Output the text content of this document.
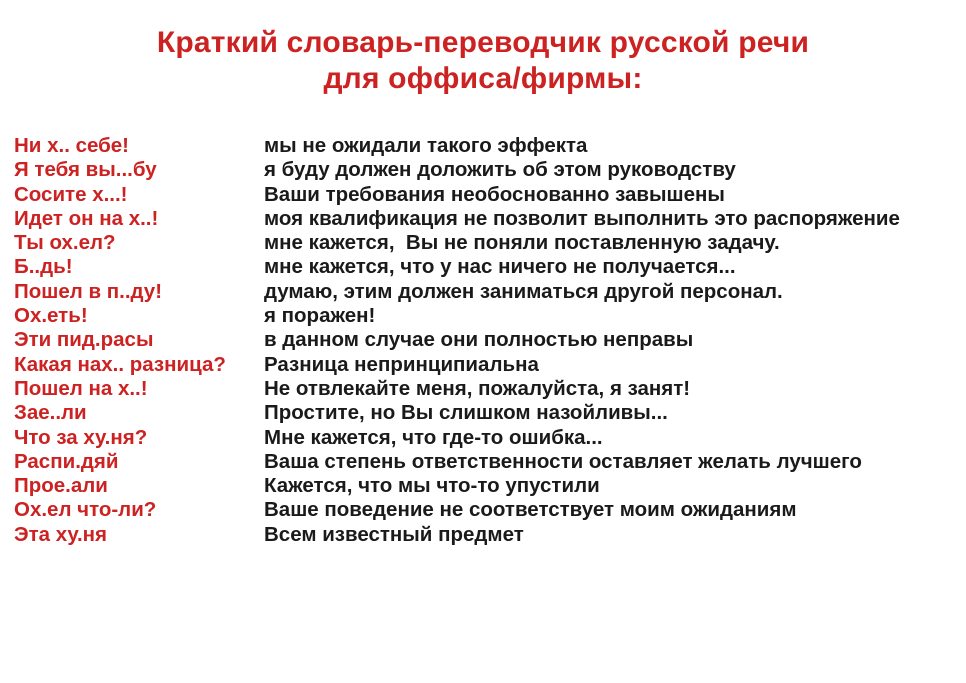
Краткий словарь-переводчик русской речи
для оффиса/фирмы:
Ни х.. себе!	мы не ожидали такого эффекта
Я тебя вы...бу	я буду должен доложить об этом руководству
Сосите х...!	Ваши требования необоснованно завышены
Идет он на х..!	моя квалификация не позволит выполнить это распоряжение
Ты ох.ел?	мне кажется,  Вы не поняли поставленную задачу.
Б..дь!	мне кажется, что у нас ничего не получается...
Пошел в п..ду!	думаю, этим должен заниматься другой персонал.
Ох.еть!	я поражен!
Эти пид.расы	в данном случае они полностью неправы
Какая нах.. разница?	Разница непринципиальна
Пошел на х..!	Не отвлекайте меня, пожалуйста, я занят!
Зае..ли	Простите, но Вы слишком назойливы...
Что за ху.ня?	Мне кажется, что где-то ошибка...
Распи.дяй	Ваша степень ответственности оставляет желать лучшего
Прое.али	Кажется, что мы что-то упустили
Ох.ел что-ли?	Ваше поведение не соответствует моим ожиданиям
Эта ху.ня	Всем известный предмет
